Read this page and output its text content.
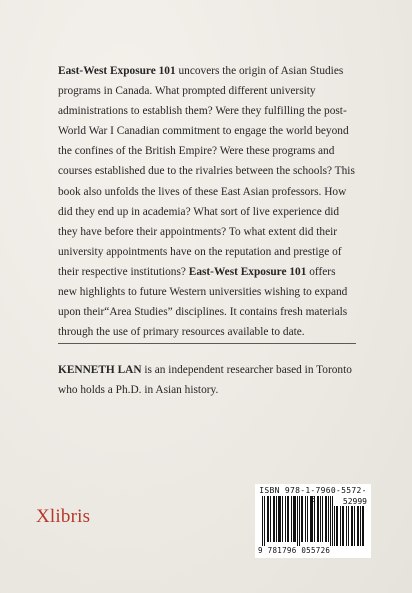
East-West Exposure 101 uncovers the origin of Asian Studies programs in Canada. What prompted different university administrations to establish them? Were they fulfilling the post-World War I Canadian commitment to engage the world beyond the confines of the British Empire? Were these programs and courses established due to the rivalries between the schools? This book also unfolds the lives of these East Asian professors. How did they end up in academia? What sort of live experience did they have before their appointments? To what extent did their university appointments have on the reputation and prestige of their respective institutions? East-West Exposure 101 offers new highlights to future Western universities wishing to expand upon their“Area Studies” disciplines. It contains fresh materials through the use of primary resources available to date.

KENNETH LAN is an independent researcher based in Toronto who holds a Ph.D. in Asian history.

Xlibris
ISBN 978-1-7960-5572-
52999
9 781796 055726
